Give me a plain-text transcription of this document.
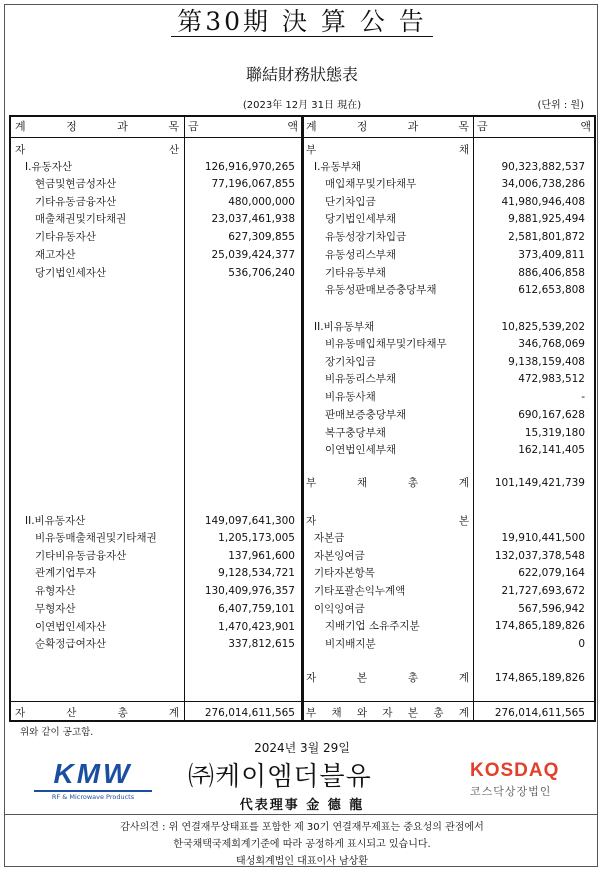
第30期 決 算 公 告
聯結財務狀態表
(2023年 12月 31日 現在)	(단위 : 원)
계	정	과	목 금	액 계	정	과	목 금	액
자	산
I.유동자산	126,916,970,265
현금및현금성자산	77,196,067,855
기타유동금융자산	480,000,000
매출채권및기타채권	23,037,461,938
기타유동자산	627,309,855
재고자산	25,039,424,377
당기법인세자산	536,706,240
II.비유동자산	149,097,641,300
비유동매출채권및기타채권	1,205,173,005
기타비유동금융자산	137,961,600
관계기업투자	9,128,534,721
유형자산	130,409,976,357
무형자산	6,407,759,101
이연법인세자산	1,470,423,901
순확정급여자산	337,812,615
자	산	총	계	276,014,611,565
부	채
I.유동부채	90,323,882,537
매입채무및기타채무	34,006,738,286
단기차입금	41,980,946,408
당기법인세부채	9,881,925,494
유동성장기차입금	2,581,801,872
유동성리스부채	373,409,811
기타유동부채	886,406,858
유동성판매보증충당부채	612,653,808
II.비유동부채	10,825,539,202
비유동매입채무및기타채무	346,768,069
장기차입금	9,138,159,408
비유동리스부채	472,983,512
비유동사채	-
판매보증충당부채	690,167,628
복구충당부채	15,319,180
이연법인세부채	162,141,405
부	채	총	계	101,149,421,739
자	본
자본금	19,910,441,500
자본잉여금	132,037,378,548
기타자본항목	622,079,164
기타포괄손익누계액	21,727,693,672
이익잉여금	567,596,942
지배기업 소유주지분	174,865,189,826
비지배지분	0
자	본	총	계	174,865,189,826
부 채 와 자 본 총 계	276,014,611,565
위와 같이 공고함.
2024년 3월 29일
KMW
RF & Microwave Products
㈜케이엠더블유
代表理事 金 德 龍
KOSDAQ
코스닥상장법인
감사의견 : 위 연결재무상태표를 포함한 제 30기 연결재무제표는 중요성의 관점에서
한국채택국제회계기준에 따라 공정하게 표시되고 있습니다.
태성회계법인 대표이사 남상환
